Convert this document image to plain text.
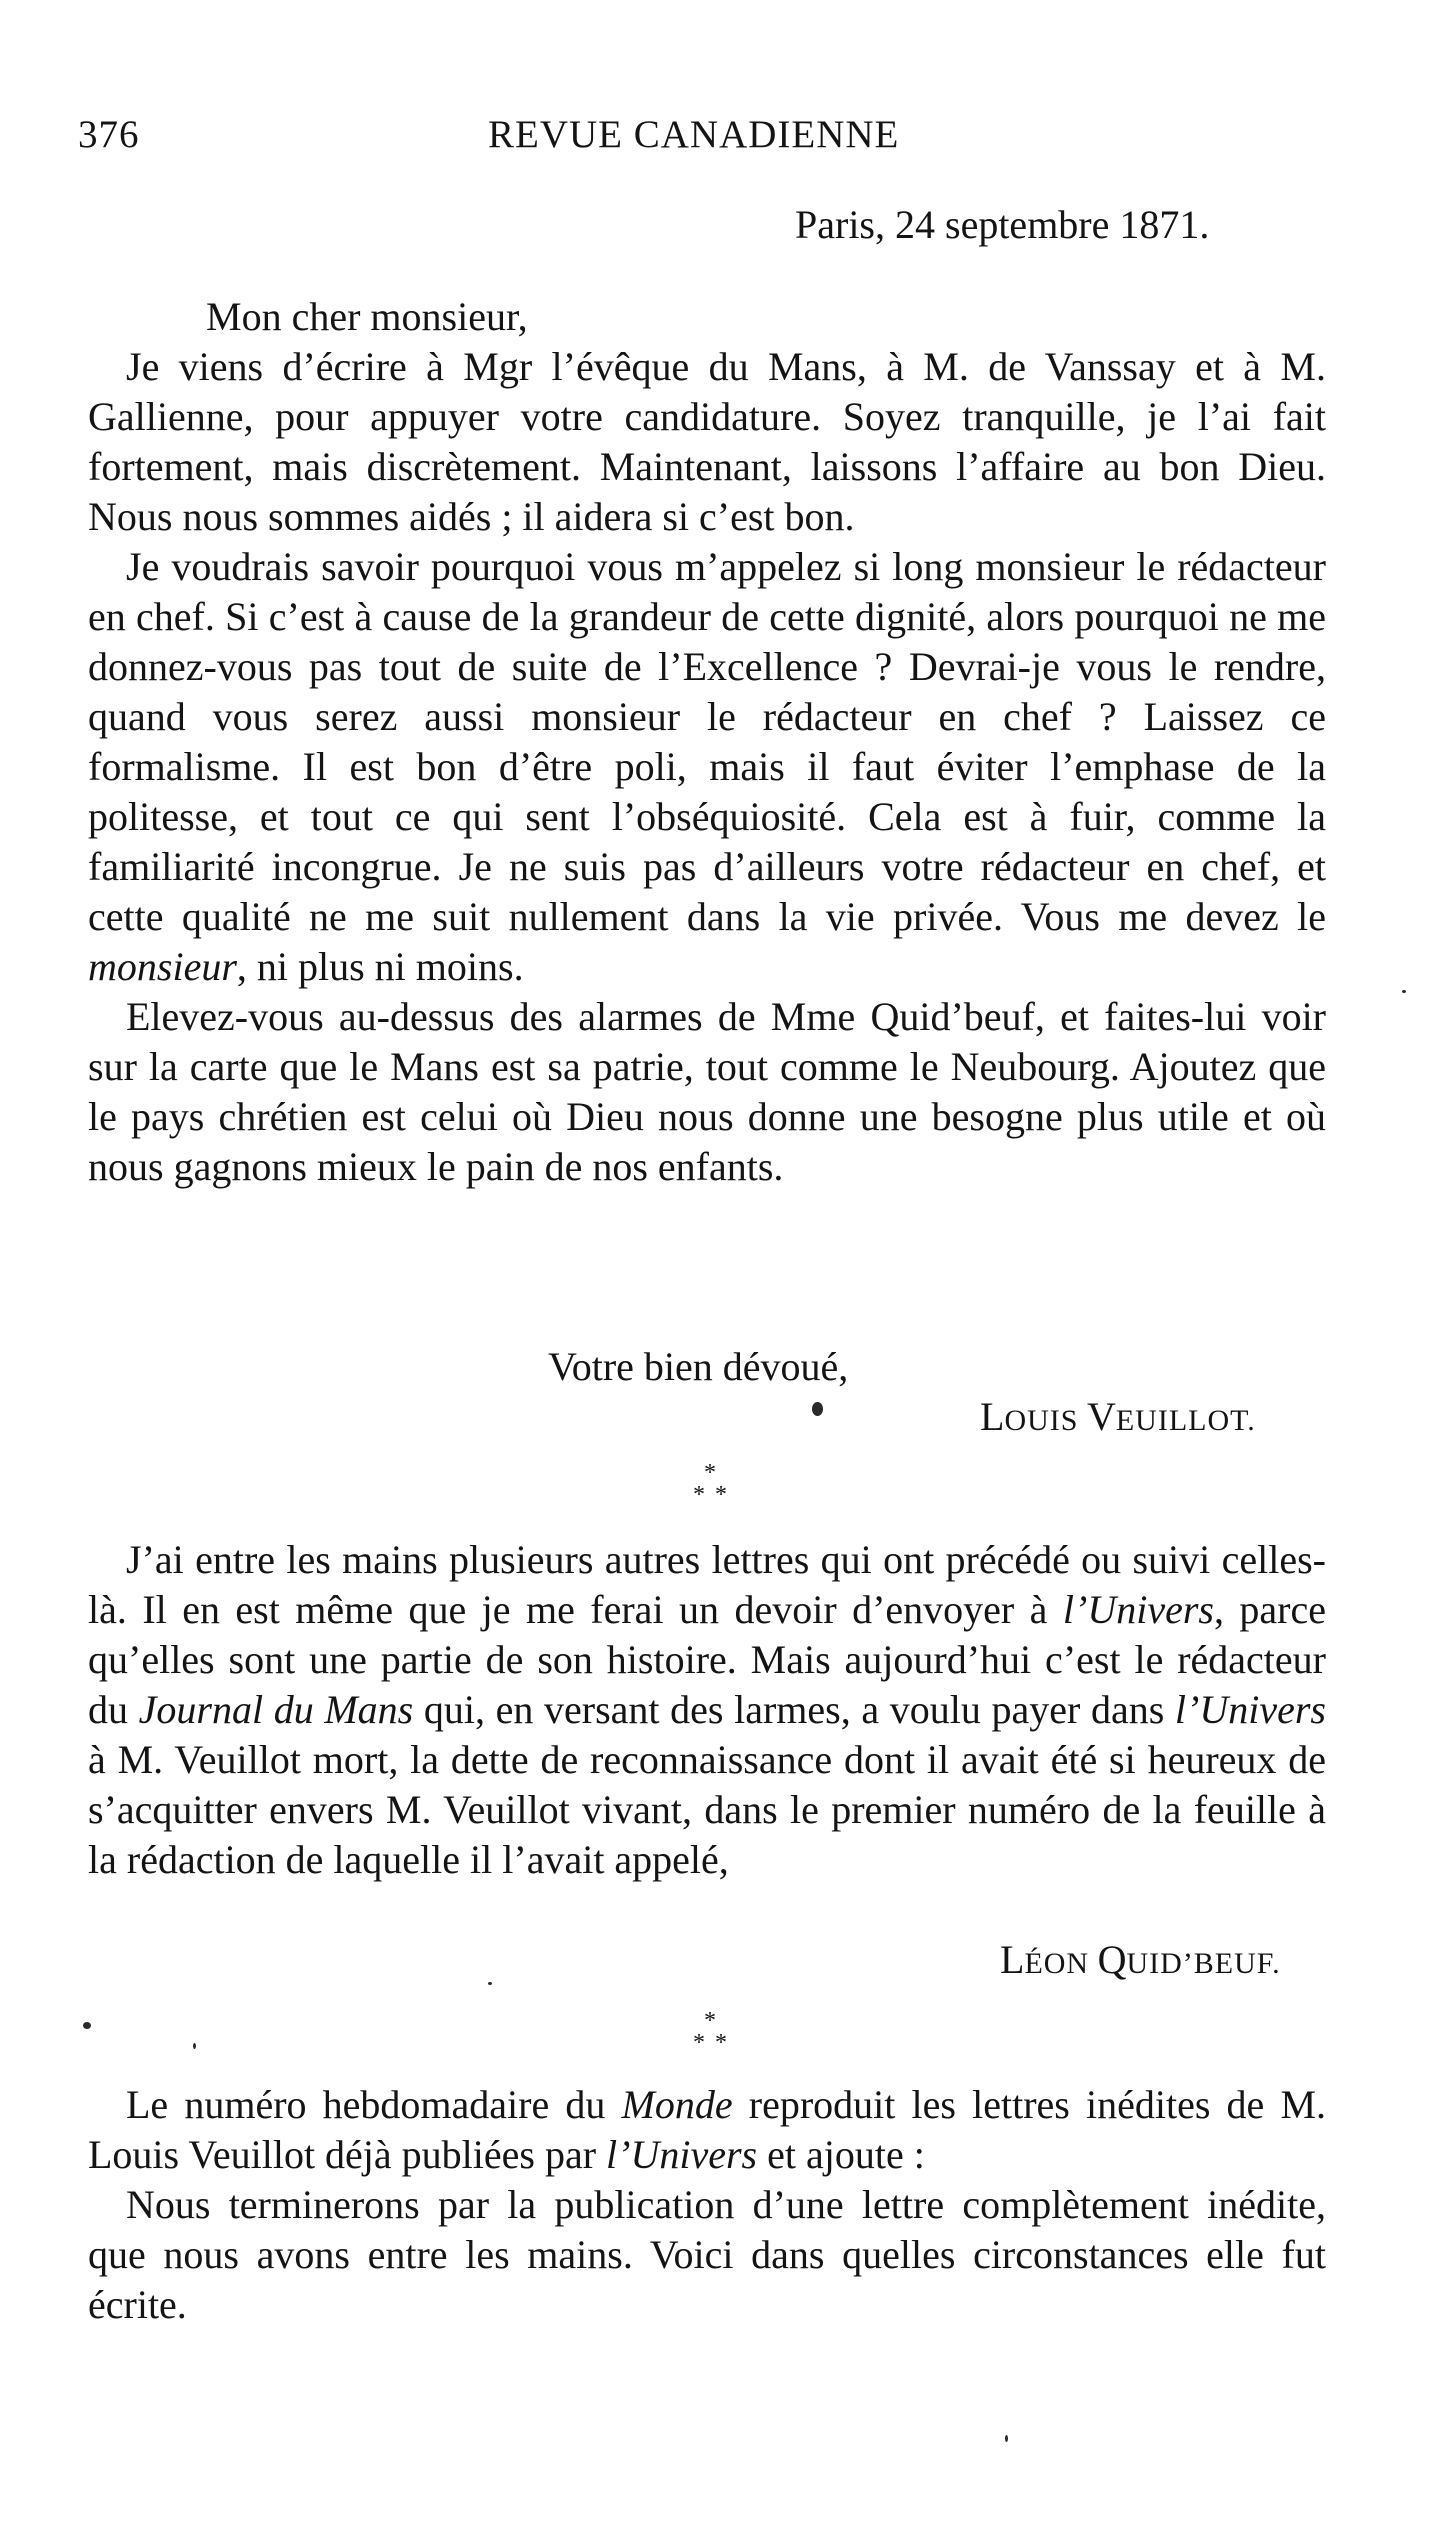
376	REVUE CANADIENNE
Paris, 24 septembre 1871.

Mon cher monsieur,

Je viens d’écrire à Mgr l’évêque du Mans, à M. de Vanssay et à M. Gallienne, pour appuyer votre candidature. Soyez tranquille, je l’ai fait fortement, mais discrètement. Maintenant, laissons l’affaire au bon Dieu. Nous nous sommes aidés ; il aidera si c’est bon.

Je voudrais savoir pourquoi vous m’appelez si long monsieur le rédacteur en chef. Si c’est à cause de la grandeur de cette dignité, alors pourquoi ne me donnez-vous pas tout de suite de l’Excellence ? Devrai-je vous le rendre, quand vous serez aussi monsieur le rédacteur en chef ? Laissez ce formalisme. Il est bon d’être poli, mais il faut éviter l’emphase de la politesse, et tout ce qui sent l’obséquiosité. Cela est à fuir, comme la familiarité incongrue. Je ne suis pas d’ailleurs votre rédacteur en chef, et cette qualité ne me suit nullement dans la vie privée. Vous me devez le monsieur, ni plus ni moins.

Elevez-vous au-dessus des alarmes de Mme Quid’beuf, et faites-lui voir sur la carte que le Mans est sa patrie, tout comme le Neubourg. Ajoutez que le pays chrétien est celui où Dieu nous donne une besogne plus utile et où nous gagnons mieux le pain de nos enfants.

Votre bien dévoué,
LOUIS VEUILLOT.
*
**

J’ai entre les mains plusieurs autres lettres qui ont précédé ou suivi celles-là. Il en est même que je me ferai un devoir d’envoyer à l’Univers, parce qu’elles sont une partie de son histoire. Mais aujourd’hui c’est le rédacteur du Journal du Mans qui, en versant des larmes, a voulu payer dans l’Univers à M. Veuillot mort, la dette de reconnaissance dont il avait été si heureux de s’acquitter envers M. Veuillot vivant, dans le premier numéro de la feuille à la rédaction de laquelle il l’avait appelé,

LÉON QUID’BEUF.
*
**

Le numéro hebdomadaire du Monde reproduit les lettres inédites de M. Louis Veuillot déjà publiées par l’Univers et ajoute :

Nous terminerons par la publication d’une lettre complètement inédite, que nous avons entre les mains. Voici dans quelles circonstances elle fut écrite.
